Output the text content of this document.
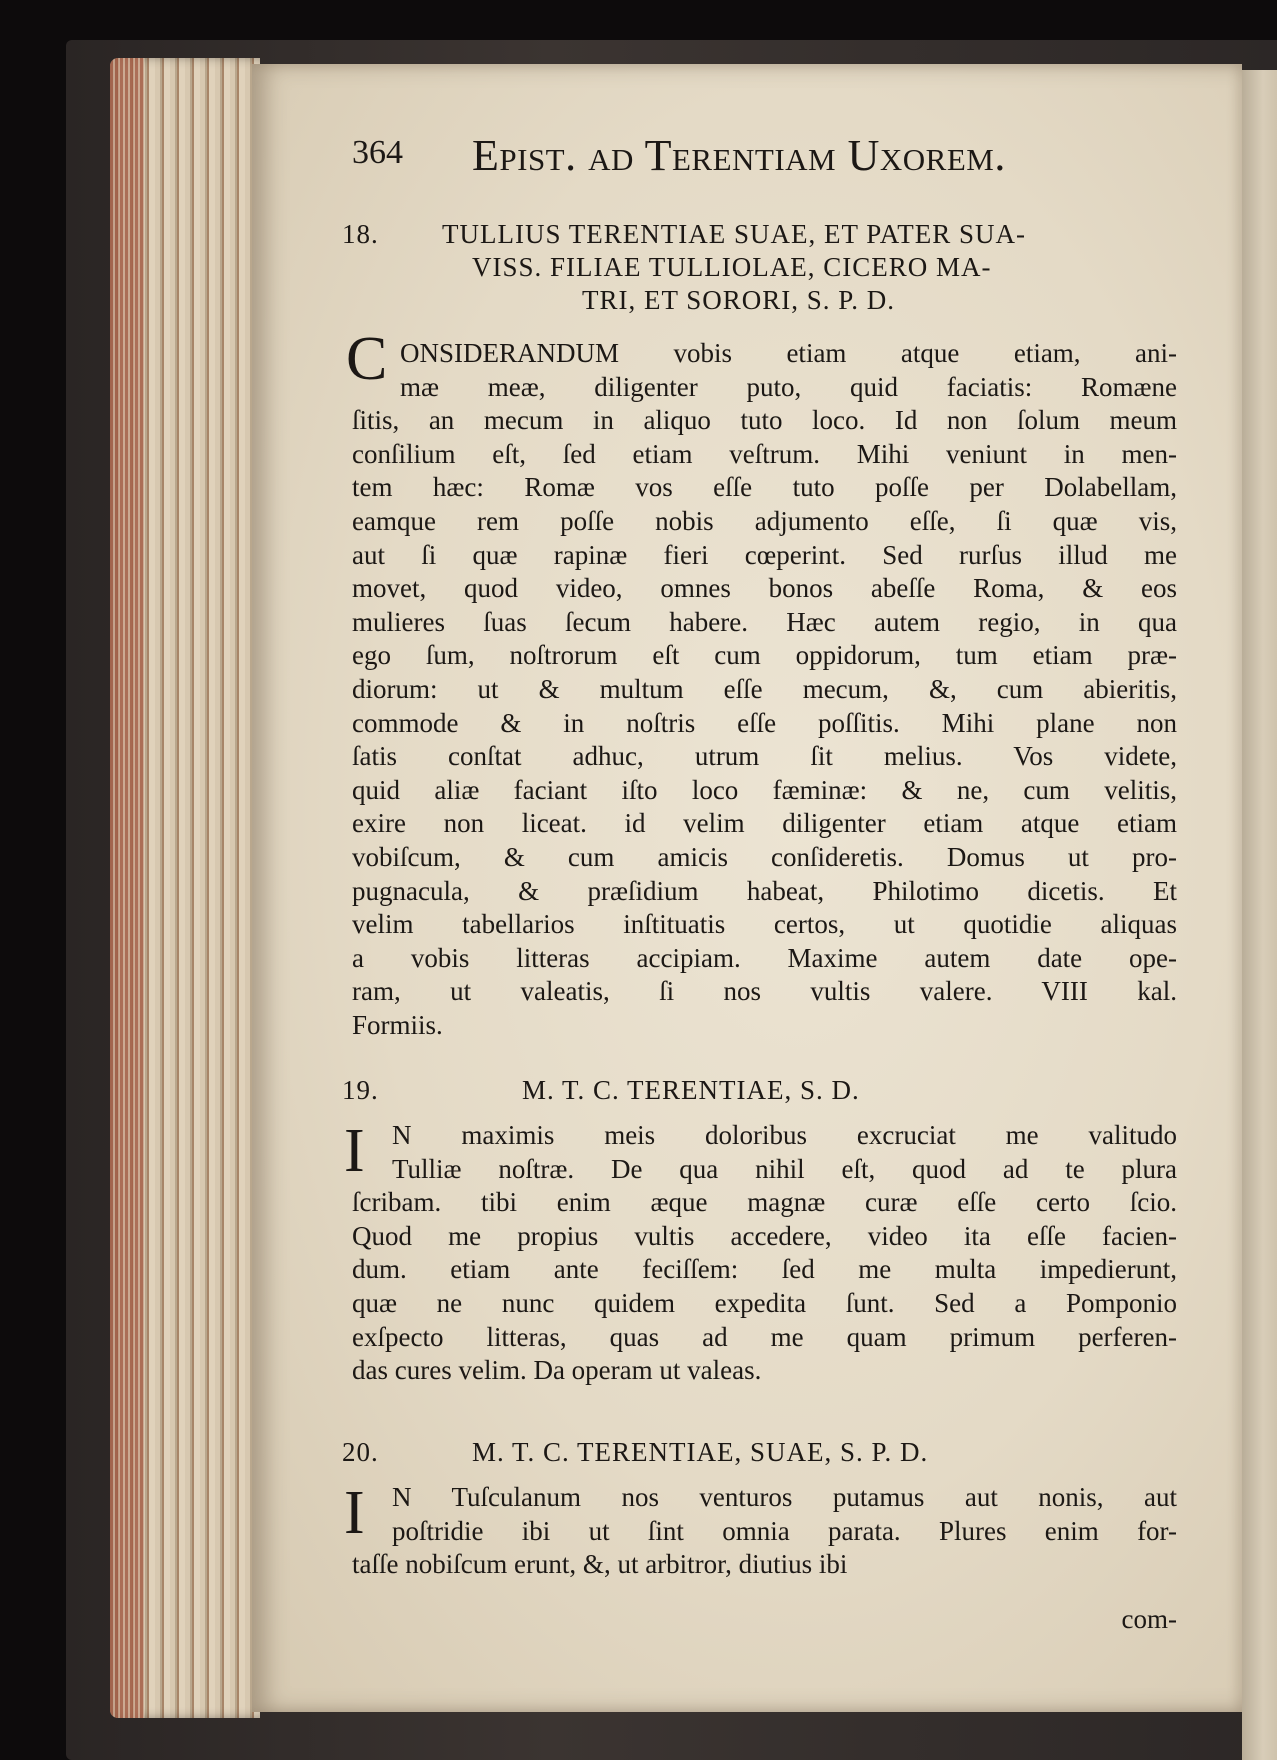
364 Epist. ad Terentiam Uxorem.
18. TULLIUS TERENTIAE SUAE, ET PATER SUA-
VISS. FILIAE TULLIOLAE, CICERO MA-
TRI, ET SORORI, S. P. D.
C ONSIDERANDUM vobis etiam atque etiam, ani-
mæ meæ, diligenter puto, quid faciatis: Romæne
ſitis, an mecum in aliquo tuto loco. Id non ſolum meum
conſilium eſt, ſed etiam veſtrum. Mihi veniunt in men-
tem hæc: Romæ vos eſſe tuto poſſe per Dolabellam,
eamque rem poſſe nobis adjumento eſſe, ſi quæ vis,
aut ſi quæ rapinæ fieri cœperint. Sed rurſus illud me
movet, quod video, omnes bonos abeſſe Roma, & eos
mulieres ſuas ſecum habere. Hæc autem regio, in qua
ego ſum, noſtrorum eſt cum oppidorum, tum etiam præ-
diorum: ut & multum eſſe mecum, &, cum abieritis,
commode & in noſtris eſſe poſſitis. Mihi plane non
ſatis conſtat adhuc, utrum ſit melius. Vos videte,
quid aliæ faciant iſto loco fæminæ: & ne, cum velitis,
exire non liceat. id velim diligenter etiam atque etiam
vobiſcum, & cum amicis conſideretis. Domus ut pro-
pugnacula, & præſidium habeat, Philotimo dicetis. Et
velim tabellarios inſtituatis certos, ut quotidie aliquas
a vobis litteras accipiam. Maxime autem date ope-
ram, ut valeatis, ſi nos vultis valere. VIII kal.
Formiis.
19.	M. T. C. TERENTIAE, S. D.
I N maximis meis doloribus excruciat me valitudo
Tulliæ noſtræ. De qua nihil eſt, quod ad te plura
ſcribam. tibi enim æque magnæ curæ eſſe certo ſcio.
Quod me propius vultis accedere, video ita eſſe facien-
dum. etiam ante feciſſem: ſed me multa impedierunt,
quæ ne nunc quidem expedita ſunt. Sed a Pomponio
exſpecto litteras, quas ad me quam primum perferen-
das cures velim. Da operam ut valeas.
20.	M. T. C. TERENTIAE, SUAE, S. P. D.
I N Tuſculanum nos venturos putamus aut nonis, aut
poſtridie ibi ut ſint omnia parata. Plures enim for-
taſſe nobiſcum erunt, &, ut arbitror, diutius ibi
com-
